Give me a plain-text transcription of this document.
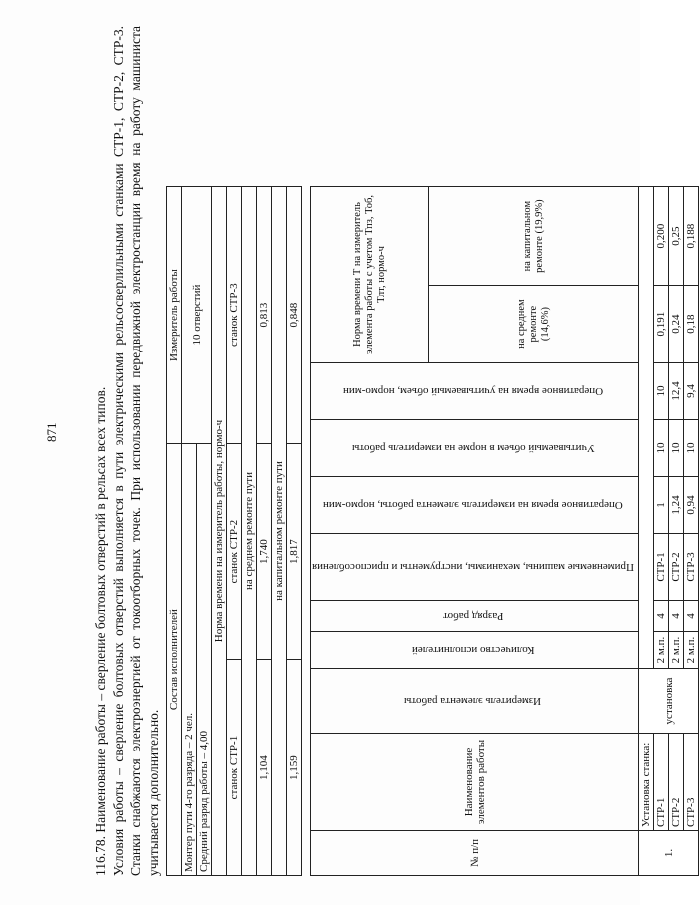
871	116.78. Наименование работы – сверление болтовых отверстий в рельсах всех типов. Условия работы – сверление болтовых отверстий выполняется в пути электрическими рельсосверлильными станками СТР-1, СТР-2, СТР-3. Станки снабжаются электроэнергией от токоотборных точек. При использовании передвижной электростанции время на работу машиниста учитывается дополнительно.
Состав исполнителей		Измеритель работы
Монтер пути 4-го разряда – 2 чел.		10 отверстий
Средний разряд работы – 4,00		
Норма времени на измеритель работы, нормо-ч		
станок СТР-1	станок СТР-2	станок СТР-3
на среднем ремонте пути		
1,104	1,740	0,813
на капитальном ремонте пути		
1,159	1,817	0,848
№ п/п	Наименование элементов работы	Измеритель элемента работы	Количество исполнителей	Разряд работ	Применяемые машины, механизмы, инструменты и приспособления	Оперативное время на измеритель элемента работы, нормо-мин	Учитываемый объем в норме на измеритель работы	Оперативное время на учитываемый объем, нормо-мин	Норма времени Т на измеритель элемента работы с учетом Тпз, Тоб, Тлт, нормо-ч	
									на среднем ремонте (14,6%)	на капитальном ремонте (19,9%)
1.	Установка станка:	установка								
	СТР-1		2 м.п.	4	СТР-1	1	10	10	0,191	0,200
	СТР-2		2 м.п.	4	СТР-2	1,24	10	12,4	0,24	0,25
	СТР-3		2 м.п.	4	СТР-3	0,94	10	9,4	0,18	0,188
